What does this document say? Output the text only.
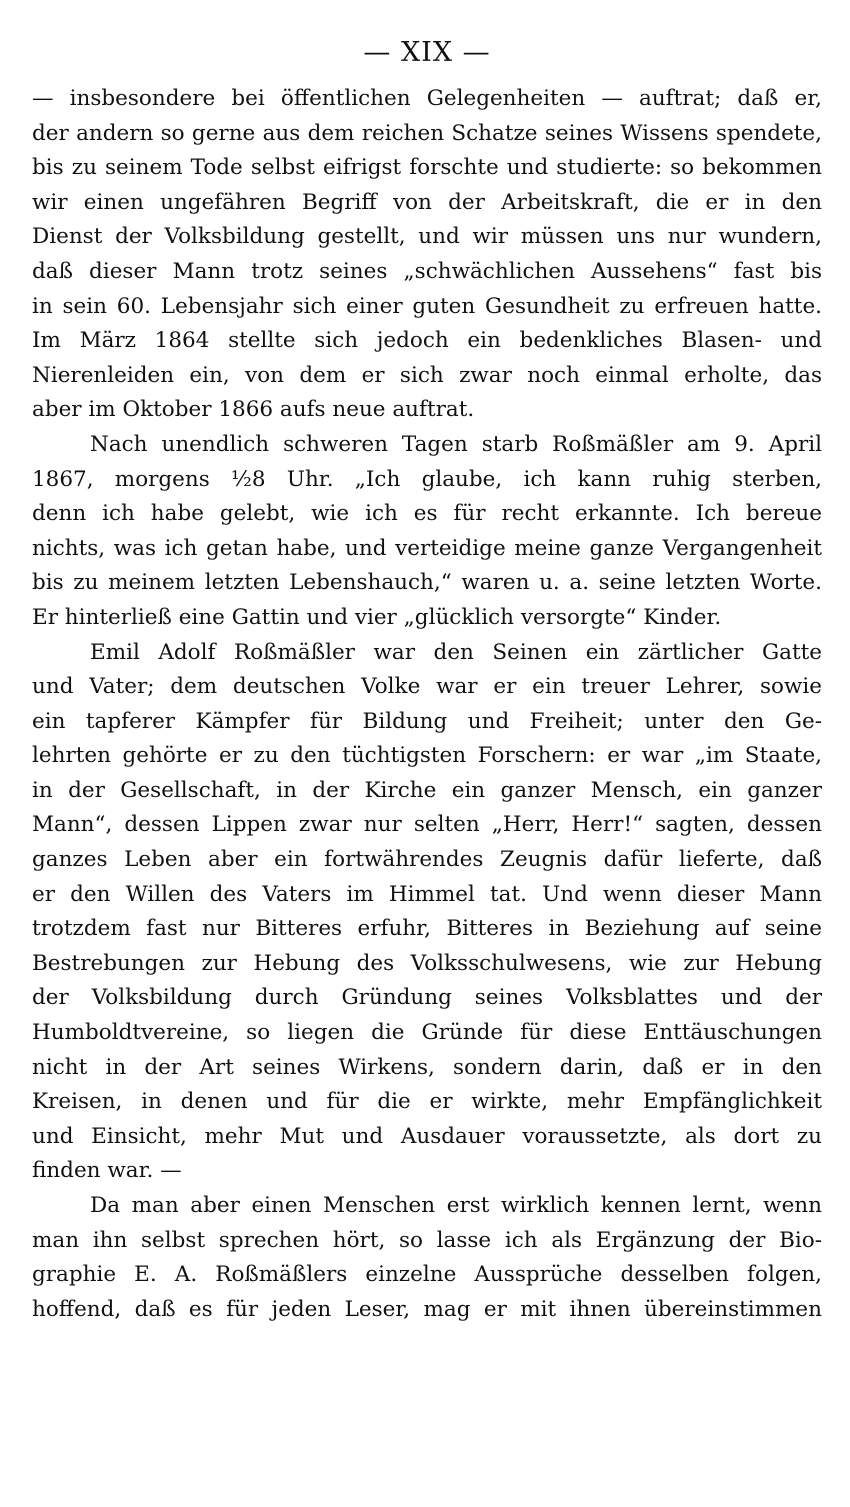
— XIX —
— insbesondere bei öffentlichen Gelegenheiten — auftrat; daß er,
der andern so gerne aus dem reichen Schatze seines Wissens spendete,
bis zu seinem Tode selbst eifrigst forschte und studierte: so bekommen
wir einen ungefähren Begriff von der Arbeitskraft, die er in den
Dienst der Volksbildung gestellt, und wir müssen uns nur wundern,
daß dieser Mann trotz seines „schwächlichen Aussehens“ fast bis
in sein 60. Lebensjahr sich einer guten Gesundheit zu erfreuen hatte.
Im März 1864 stellte sich jedoch ein bedenkliches Blasen- und
Nierenleiden ein, von dem er sich zwar noch einmal erholte, das
aber im Oktober 1866 aufs neue auftrat.
Nach unendlich schweren Tagen starb Roßmäßler am 9. April
1867, morgens ½8 Uhr. „Ich glaube, ich kann ruhig sterben,
denn ich habe gelebt, wie ich es für recht erkannte. Ich bereue
nichts, was ich getan habe, und verteidige meine ganze Vergangenheit
bis zu meinem letzten Lebenshauch,“ waren u. a. seine letzten Worte.
Er hinterließ eine Gattin und vier „glücklich versorgte“ Kinder.
Emil Adolf Roßmäßler war den Seinen ein zärtlicher Gatte
und Vater; dem deutschen Volke war er ein treuer Lehrer, sowie
ein tapferer Kämpfer für Bildung und Freiheit; unter den Ge-
lehrten gehörte er zu den tüchtigsten Forschern: er war „im Staate,
in der Gesellschaft, in der Kirche ein ganzer Mensch, ein ganzer
Mann“, dessen Lippen zwar nur selten „Herr, Herr!“ sagten, dessen
ganzes Leben aber ein fortwährendes Zeugnis dafür lieferte, daß
er den Willen des Vaters im Himmel tat. Und wenn dieser Mann
trotzdem fast nur Bitteres erfuhr, Bitteres in Beziehung auf seine
Bestrebungen zur Hebung des Volksschulwesens, wie zur Hebung
der Volksbildung durch Gründung seines Volksblattes und der
Humboldtvereine, so liegen die Gründe für diese Enttäuschungen
nicht in der Art seines Wirkens, sondern darin, daß er in den
Kreisen, in denen und für die er wirkte, mehr Empfänglichkeit
und Einsicht, mehr Mut und Ausdauer voraussetzte, als dort zu
finden war. —
Da man aber einen Menschen erst wirklich kennen lernt, wenn
man ihn selbst sprechen hört, so lasse ich als Ergänzung der Bio-
graphie E. A. Roßmäßlers einzelne Aussprüche desselben folgen,
hoffend, daß es für jeden Leser, mag er mit ihnen übereinstimmen
